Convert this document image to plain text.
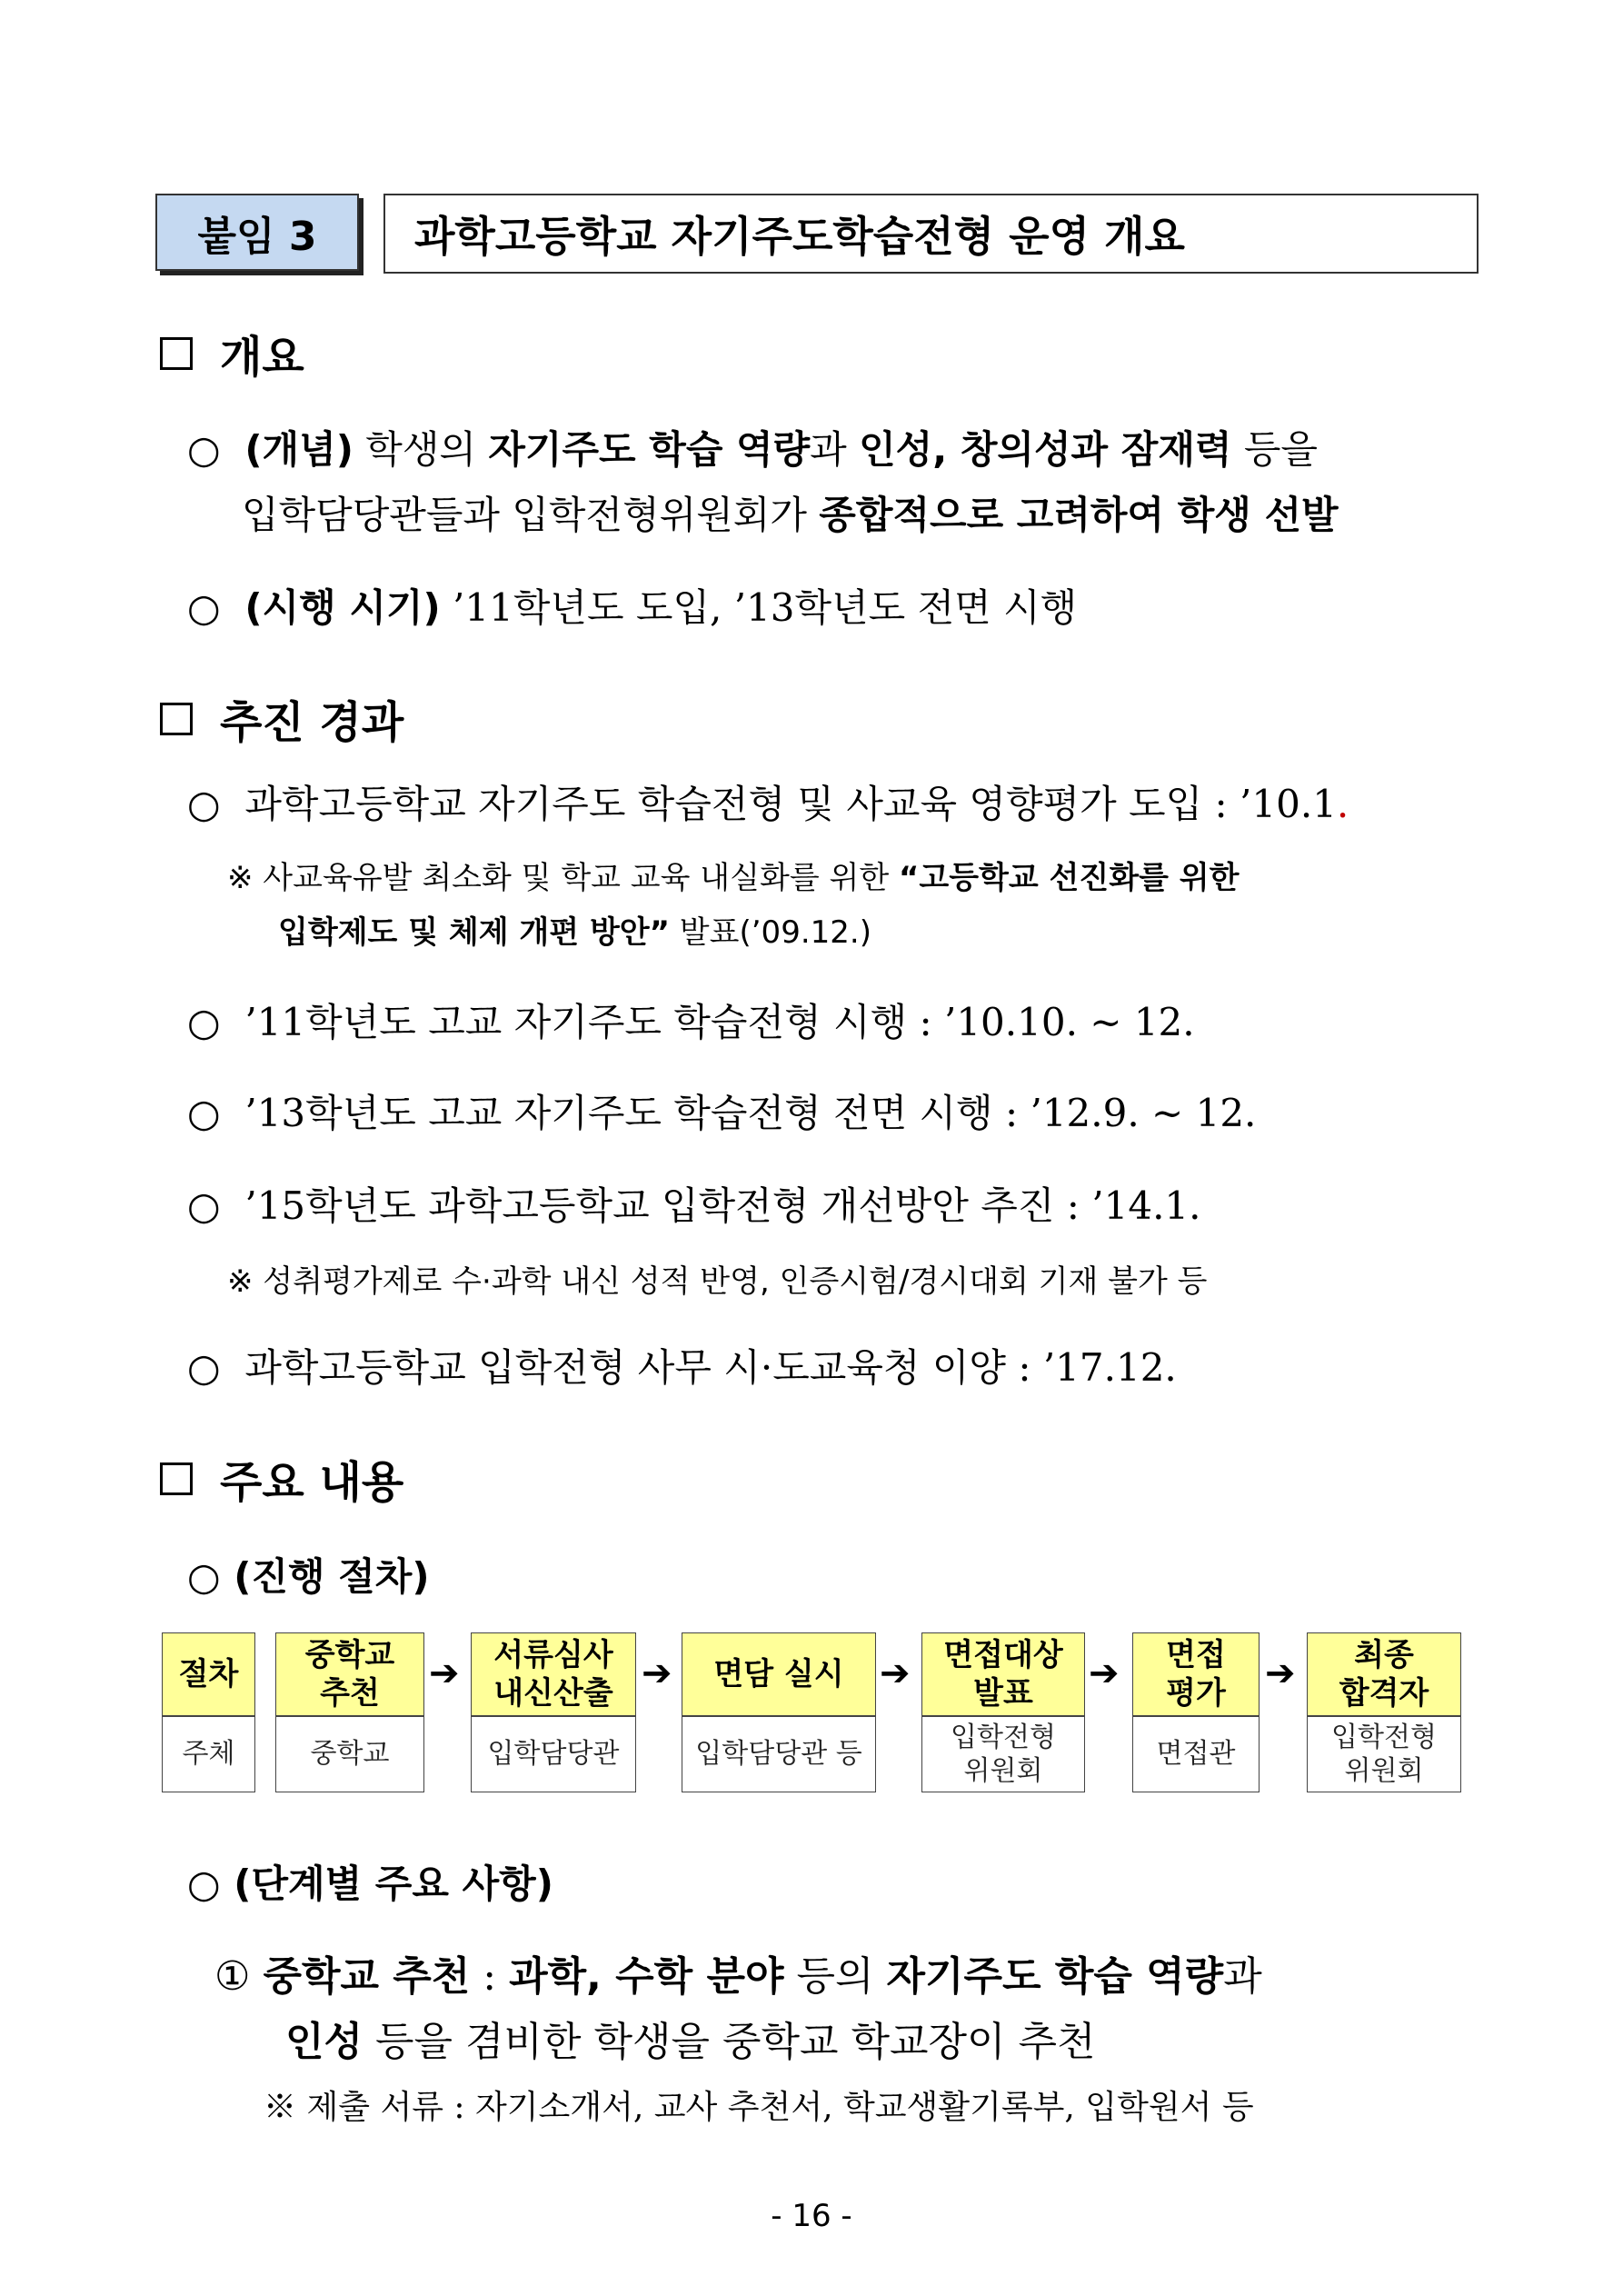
붙임 3	과학고등학교 자기주도학습전형 운영 개요
개요
○ (개념) 학생의 자기주도 학습 역량과 인성, 창의성과 잠재력 등을
입학담당관들과 입학전형위원회가 종합적으로 고려하여 학생 선발
○ (시행 시기) ’11학년도 도입, ’13학년도 전면 시행
추진 경과
○ 과학고등학교 자기주도 학습전형 및 사교육 영향평가 도입 : ’10.1.
※ 사교육유발 최소화 및 학교 교육 내실화를 위한 “고등학교 선진화를 위한
입학제도 및 체제 개편 방안” 발표(’09.12.)
○ ’11학년도 고교 자기주도 학습전형 시행 : ’10.10. ~ 12.
○ ’13학년도 고교 자기주도 학습전형 전면 시행 : ’12.9. ~ 12.
○ ’15학년도 과학고등학교 입학전형 개선방안 추진 : ’14.1.
※ 성취평가제로 수·과학 내신 성적 반영, 인증시험/경시대회 기재 불가 등
○ 과학고등학교 입학전형 사무 시·도교육청 이양 : ’17.12.
주요 내용
○ (진행 절차)
절차
주체
중학교
추천
중학교
➔ 서류심사
내신산출
입학담당관
➔ 면담 실시
입학담당관 등
➔ 면접대상
발표
입학전형
위원회
➔ 면접
평가
면접관
➔ 최종
합격자
입학전형
위원회
○ (단계별 주요 사항)
① 중학교 추천 : 과학, 수학 분야 등의 자기주도 학습 역량과
인성 등을 겸비한 학생을 중학교 학교장이 추천
※ 제출 서류 : 자기소개서, 교사 추천서, 학교생활기록부, 입학원서 등
- 16 -
